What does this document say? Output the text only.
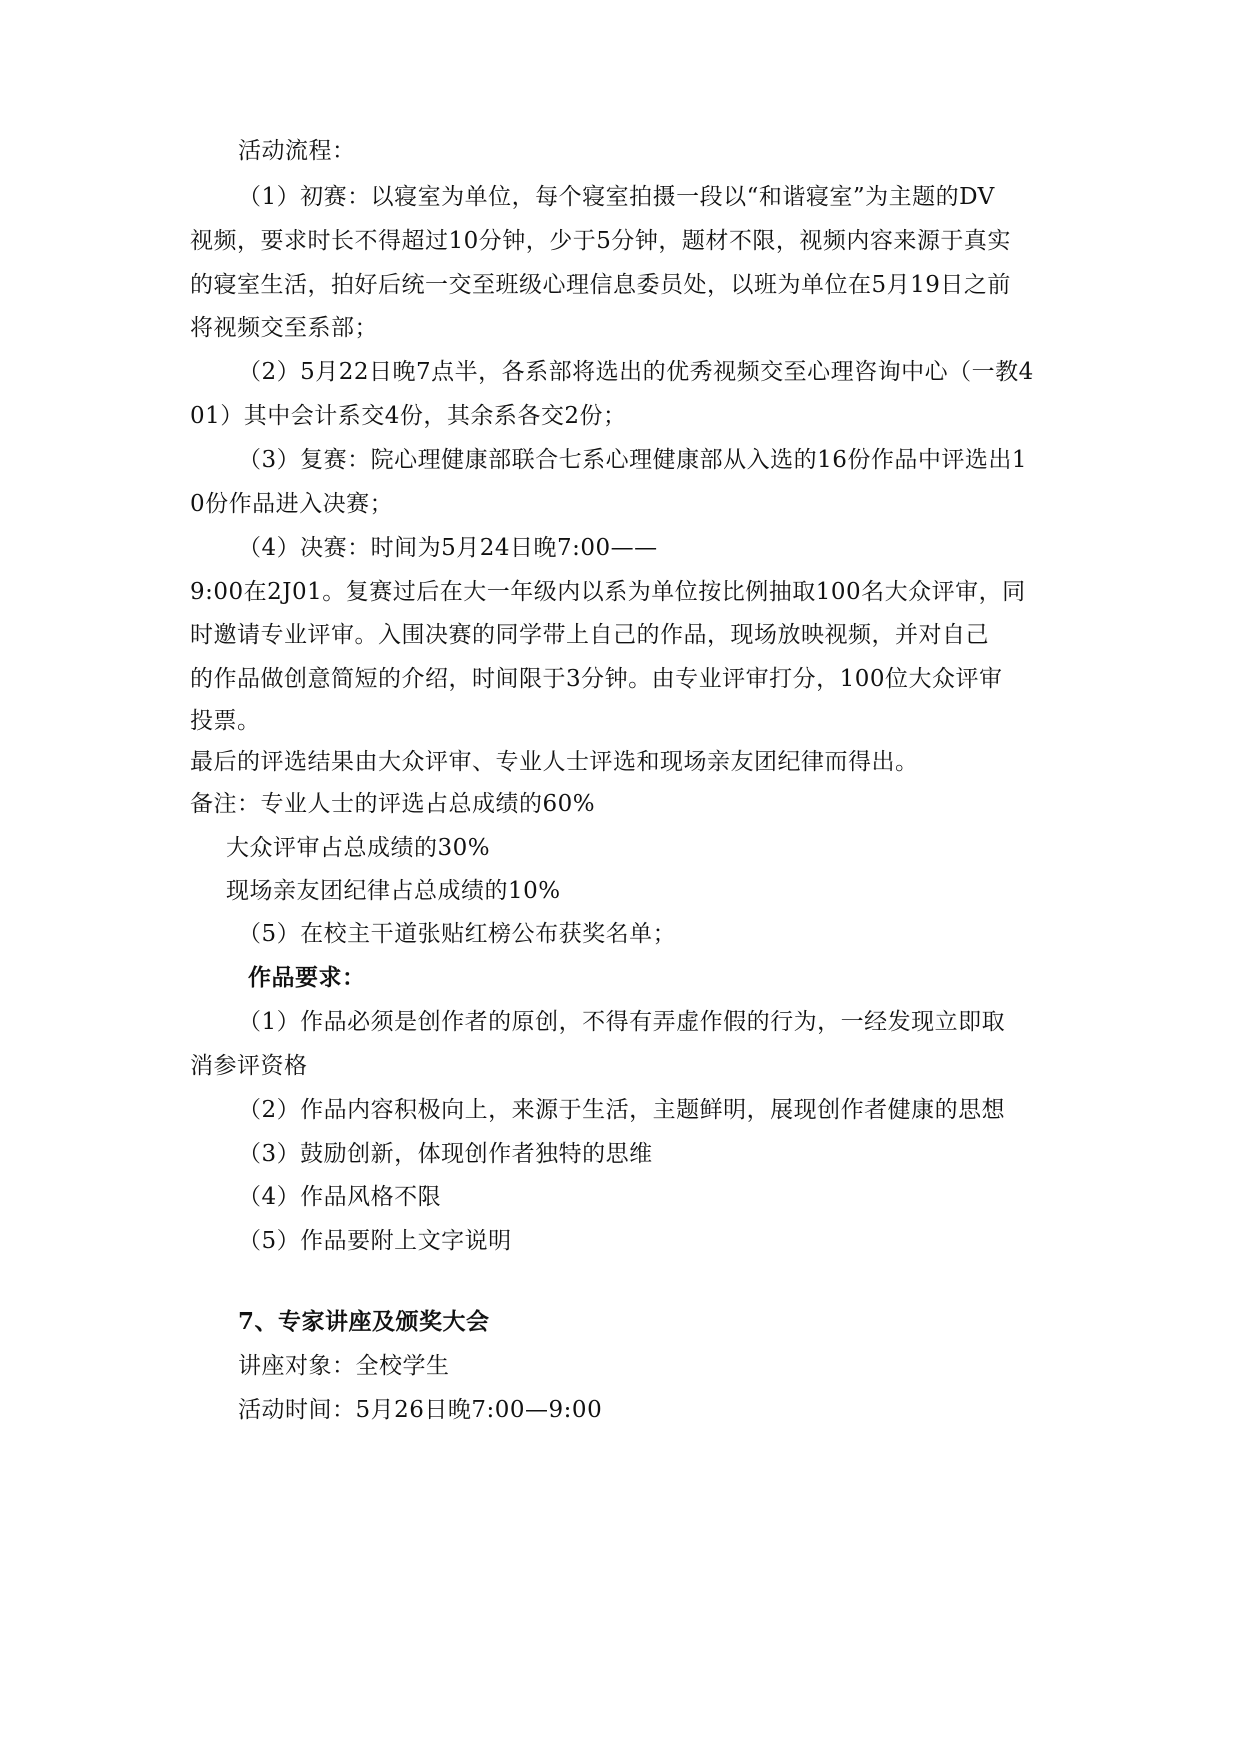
活动流程：
（1）初赛：以寝室为单位，每个寝室拍摄一段以“和谐寝室”为主题的DV
视频，要求时长不得超过10分钟，少于5分钟，题材不限，视频内容来源于真实
的寝室生活，拍好后统一交至班级心理信息委员处，以班为单位在5月19日之前
将视频交至系部；
（2）5月22日晚7点半，各系部将选出的优秀视频交至心理咨询中心（一教4
01）其中会计系交4份，其余系各交2份；
（3）复赛：院心理健康部联合七系心理健康部从入选的16份作品中评选出1
0份作品进入决赛；
（4）决赛：时间为5月24日晚7:00——
9:00在2J01。复赛过后在大一年级内以系为单位按比例抽取100名大众评审，同
时邀请专业评审。入围决赛的同学带上自己的作品，现场放映视频，并对自己
的作品做创意简短的介绍，时间限于3分钟。由专业评审打分，100位大众评审
投票。
最后的评选结果由大众评审、专业人士评选和现场亲友团纪律而得出。
备注：专业人士的评选占总成绩的60%
大众评审占总成绩的30%
现场亲友团纪律占总成绩的10%
（5）在校主干道张贴红榜公布获奖名单；
作品要求：
（1）作品必须是创作者的原创，不得有弄虚作假的行为，一经发现立即取
消参评资格
（2）作品内容积极向上，来源于生活，主题鲜明，展现创作者健康的思想
（3）鼓励创新，体现创作者独特的思维
（4）作品风格不限
（5）作品要附上文字说明
7、专家讲座及颁奖大会
讲座对象：全校学生
活动时间：5月26日晚7:00—9:00
